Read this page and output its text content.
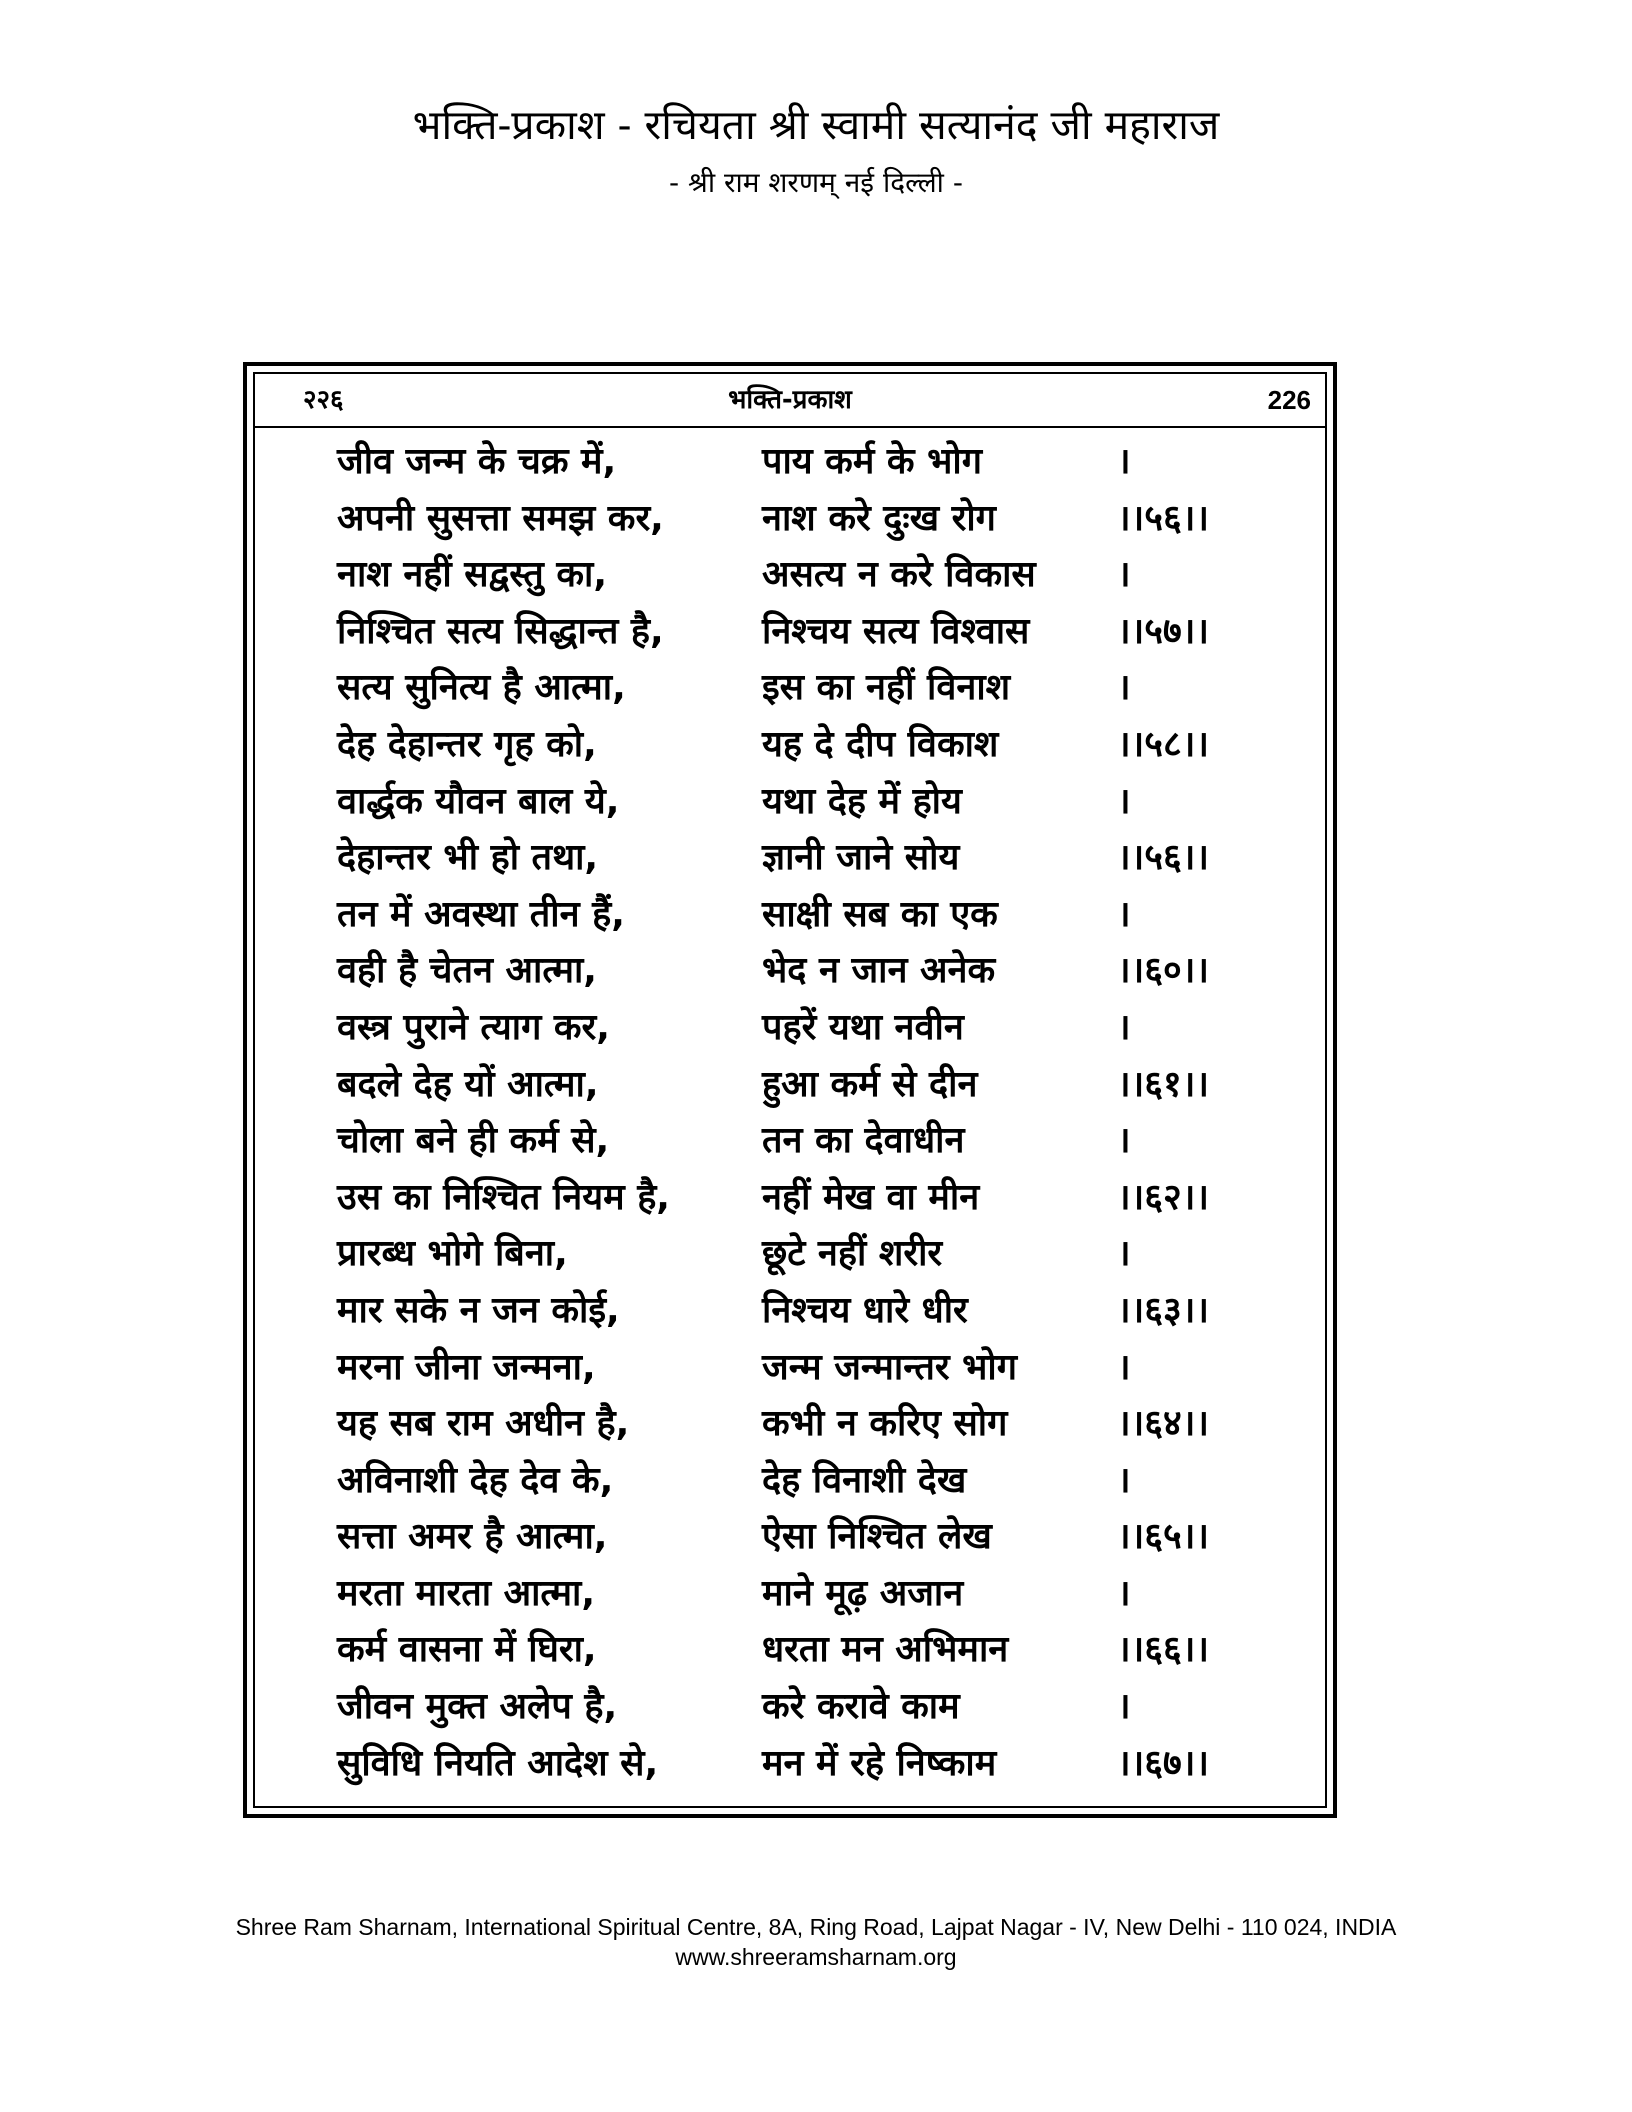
भक्ति-प्रकाश - रचियता श्री स्वामी सत्यानंद जी महाराज
- श्री राम शरणम् नई दिल्ली -
२२६	भक्ति-प्रकाश	226
जीव जन्म के चक्र में,	पाय कर्म के भोग	।
अपनी सुसत्ता समझ कर,	नाश करे दुःख रोग	।।५६।।
नाश नहीं सद्वस्तु का,	असत्य न करे विकास ।
निश्चित सत्य सिद्धान्त है,	निश्चय सत्य विश्वास ।।५७।।
सत्य सुनित्य है आत्मा,	इस का नहीं विनाश	।
देह देहान्तर गृह को,	यह दे दीप विकाश	।।५८।।
वार्द्धक यौवन बाल ये,	यथा देह में होय	।
देहान्तर भी हो तथा,	ज्ञानी जाने सोय	।।५६।।
तन में अवस्था तीन हैं,	साक्षी सब का एक	।
वही है चेतन आत्मा,	भेद न जान अनेक	।।६०।।
वस्त्र पुराने त्याग कर,	पहरें यथा नवीन	।
बदले देह यों आत्मा,	हुआ कर्म से दीन	।।६१।।
चोला बने ही कर्म से,	तन का देवाधीन	।
उस का निश्चित नियम है,	नहीं मेख वा मीन	।।६२।।
प्रारब्ध भोगे बिना,	छूटे नहीं शरीर	।
मार सके न जन कोई,	निश्चय धारे धीर	।।६३।।
मरना जीना जन्मना,	जन्म जन्मान्तर भोग	।
यह सब राम अधीन है,	कभी न करिए सोग	।।६४।।
अविनाशी देह देव के,	देह विनाशी देख	।
सत्ता अमर है आत्मा,	ऐसा निश्चित लेख	।।६५।।
मरता मारता आत्मा,	माने मूढ़ अजान	।
कर्म वासना में घिरा,	धरता मन अभिमान	।।६६।।
जीवन मुक्त अलेप है,	करे करावे काम	।
सुविधि नियति आदेश से,	मन में रहे निष्काम	।।६७।।
Shree Ram Sharnam, International Spiritual Centre, 8A, Ring Road, Lajpat Nagar - IV, New Delhi - 110 024, INDIA
www.shreeramsharnam.org
